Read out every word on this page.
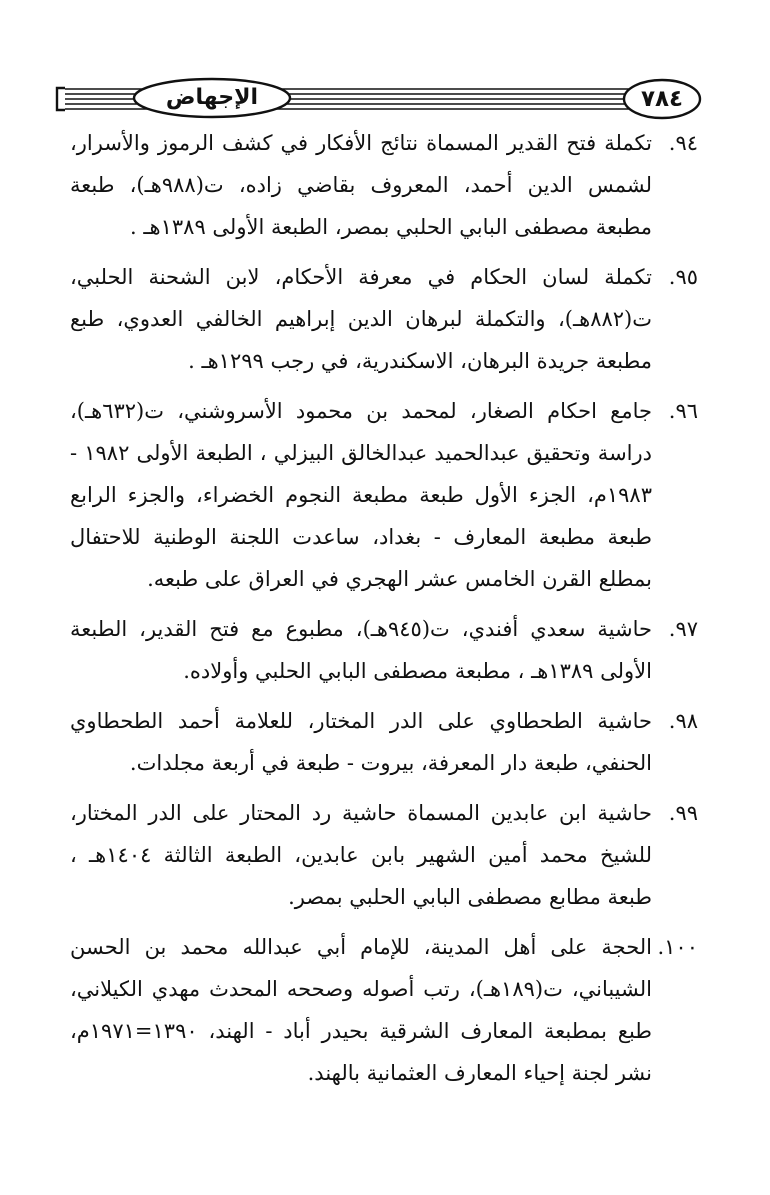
الإجهاض	٧٨٤
٩٤.
تكملة فتح القدير المسماة نتائج الأفكار في كشف الرموز والأسرار، لشمس الدين أحمد، المعروف بقاضي زاده، ت(٩٨٨هـ)، طبعة مطبعة مصطفى البابي الحلبي بمصر، الطبعة الأولى ١٣٨٩هـ .
٩٥.
تكملة لسان الحكام في معرفة الأحكام، لابن الشحنة الحلبي، ت(٨٨٢هـ)، والتكملة لبرهان الدين إبراهيم الخالفي العدوي، طبع مطبعة جريدة البرهان، الاسكندرية، في رجب ١٢٩٩هـ .
٩٦.
جامع احكام الصغار، لمحمد بن محمود الأسروشني، ت(٦٣٢هـ)، دراسة وتحقيق عبدالحميد عبدالخالق البيزلي ، الطبعة الأولى ١٩٨٢ - ١٩٨٣م، الجزء الأول طبعة مطبعة النجوم الخضراء، والجزء الرابع طبعة مطبعة المعارف - بغداد، ساعدت اللجنة الوطنية للاحتفال بمطلع القرن الخامس عشر الهجري في العراق على طبعه.
٩٧.
حاشية سعدي أفندي، ت(٩٤٥هـ)، مطبوع مع فتح القدير، الطبعة الأولى ١٣٨٩هـ ، مطبعة مصطفى البابي الحلبي وأولاده.
٩٨.
حاشية الطحطاوي على الدر المختار، للعلامة أحمد الطحطاوي الحنفي، طبعة دار المعرفة، بيروت - طبعة في أربعة مجلدات.
٩٩.
حاشية ابن عابدين المسماة حاشية رد المحتار على الدر المختار، للشيخ محمد أمين الشهير بابن عابدين، الطبعة الثالثة ١٤٠٤هـ ، طبعة مطابع مصطفى البابي الحلبي بمصر.
١٠٠.
الحجة على أهل المدينة، للإمام أبي عبدالله محمد بن الحسن الشيباني، ت(١٨٩هـ)، رتب أصوله وصححه المحدث مهدي الكيلاني، طبع بمطبعة المعارف الشرقية بحيدر أباد - الهند، ١٣٩٠=١٩٧١م، نشر لجنة إحياء المعارف العثمانية بالهند.
